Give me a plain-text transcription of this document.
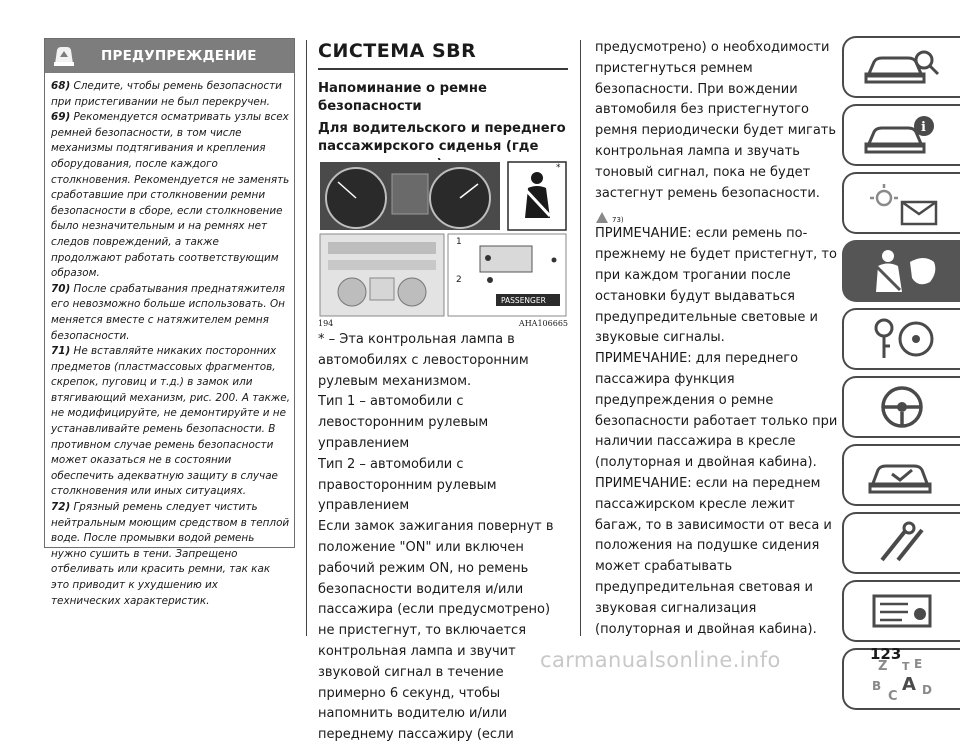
ПРЕДУПРЕЖДЕНИЕ

68) Следите, чтобы ремень безопасности при пристегивании не был перекручен.

69) Рекомендуется осматривать узлы всех ремней безопасности, в том числе механизмы подтягивания и крепления оборудования, после каждого столкновения. Рекомендуется не заменять сработавшие при столкновении ремни безопасности в сборе, если столкновение было незначительным и на ремнях нет следов повреждений, а также продолжают работать соответствующим образом.

70) После срабатывания преднатяжителя его невозможно больше использовать. Он меняется вместе с натяжителем ремня безопасности.

71) Не вставляйте никаких посторонних предметов (пластмассовых фрагментов, скрепок, пуговиц и т.д.) в замок или втягивающий механизм, рис. 200. А также, не модифицируйте, не демонтируйте и не устанавливайте ремень безопасности. В противном случае ремень безопасности может оказаться не в состоянии обеспечить адекватную защиту в случае столкновения или иных ситуациях.

72) Грязный ремень следует чистить нейтральным моющим средством в теплой воде. После промывки водой ремень нужно сушить в тени. Запрещено отбеливать или красить ремни, так как это приводит к ухудшению их технических характеристик.

СИСТЕМА SBR
Напоминание о ремне безопасности
Для водительского и переднего пассажирского сиденья (где
*
1
2
PASSENGER
194	AHA106665

* – Эта контрольная лампа в автомобилях с левосторонним рулевым механизмом.

Тип 1 – автомобили с левосторонним рулевым управлением

Тип 2 – автомобили с правосторонним рулевым управлением

Если замок зажигания повернут в положение "ON" или включен рабочий режим ON, но ремень безопасности водителя и/или пассажира (если предусмотрено) не пристегнут, то включается контрольная лампа и звучит звуковой сигнал в течение примерно 6 секунд, чтобы напомнить водителю и/или переднему пассажиру (если

предусмотрено) о необходимости пристегнуться ремнем безопасности. При вождении автомобиля без пристегнутого ремня периодически будет мигать контрольная лампа и звучать тоновый сигнал, пока не будет застегнут ремень безопасности.

$_{73)}$

ПРИМЕЧАНИЕ: если ремень по-прежнему не будет пристегнут, то при каждом трогании после остановки будут выдаваться предупредительные световые и звуковые сигналы.

ПРИМЕЧАНИЕ: для переднего пассажира функция предупреждения о ремне безопасности работает только при наличии пассажира в кресле (полуторная и двойная кабина).

ПРИМЕЧАНИЕ: если на переднем пассажирском кресле лежит багаж, то в зависимости от веса и положения на подушке сидения может срабатывать предупредительная световая и звуковая сигнализация (полуторная и двойная кабина).

i
Z E
B
C
A D
T
carmanualsonline.info	123
